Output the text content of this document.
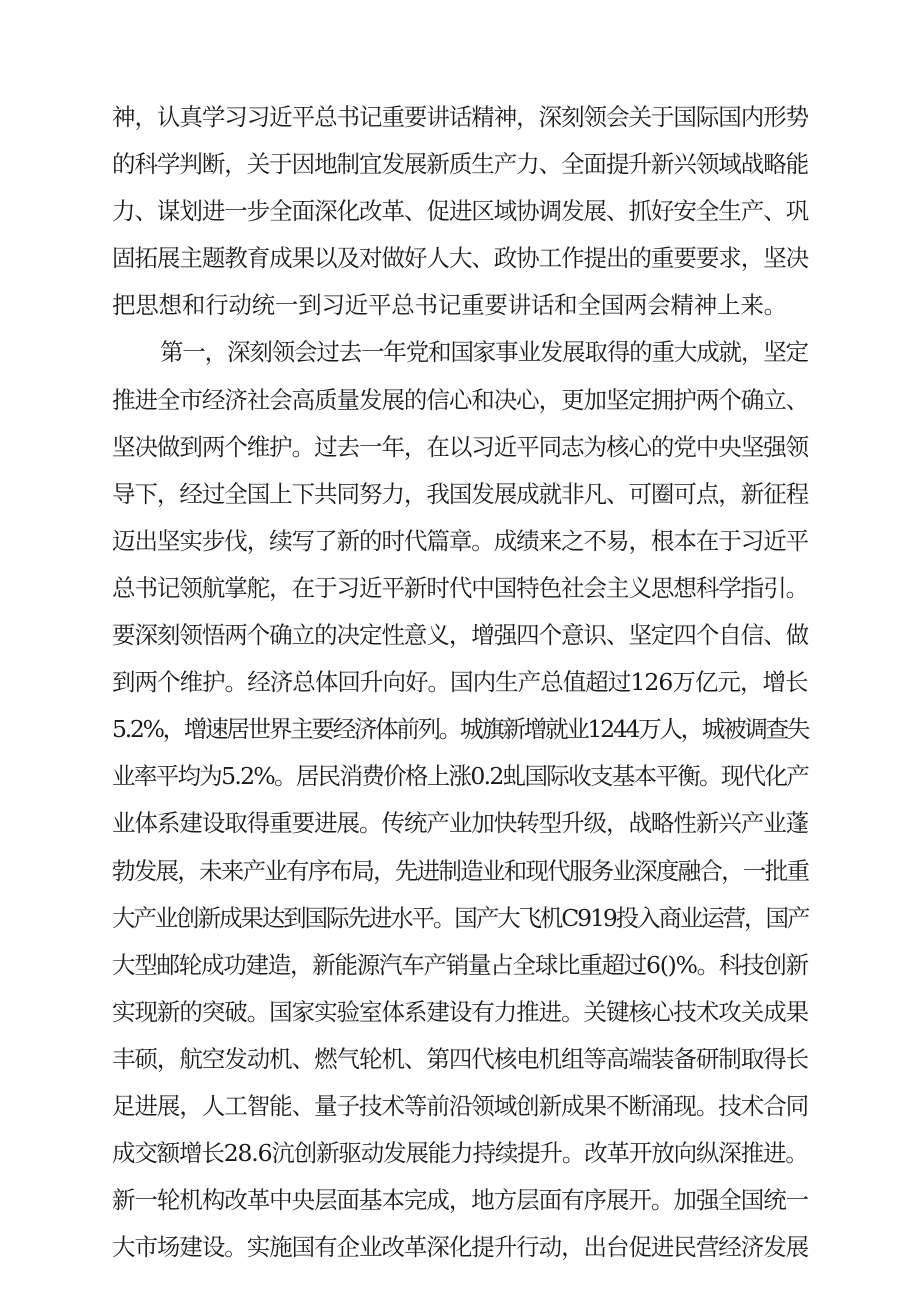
神，认真学习习近平总书记重要讲话精神，深刻领会关于国际国内形势
的科学判断，关于因地制宜发展新质生产力、全面提升新兴领域战略能
力、谋划进一步全面深化改革、促进区域协调发展、抓好安全生产、巩
固拓展主题教育成果以及对做好人大、政协工作提出的重要要求，坚决
把思想和行动统一到习近平总书记重要讲话和全国两会精神上来。
第一，深刻领会过去一年党和国家事业发展取得的重大成就，坚定
推进全市经济社会高质量发展的信心和决心，更加坚定拥护两个确立、
坚决做到两个维护。过去一年，在以习近平同志为核心的党中央坚强领
导下，经过全国上下共同努力，我国发展成就非凡、可圈可点，新征程
迈出坚实步伐，续写了新的时代篇章。成绩来之不易，根本在于习近平
总书记领航掌舵，在于习近平新时代中国特色社会主义思想科学指引。
要深刻领悟两个确立的决定性意义，增强四个意识、坚定四个自信、做
到两个维护。经济总体回升向好。国内生产总值超过126万亿元，增长
5.2%，增速居世界主要经济体前列。城旗新增就业1244万人，城被调查失
业率平均为5.2%。居民消费价格上涨0.2虬国际收支基本平衡。现代化产
业体系建设取得重要进展。传统产业加快转型升级，战略性新兴产业蓬
勃发展，未来产业有序布局，先进制造业和现代服务业深度融合，一批重
大产业创新成果达到国际先进水平。国产大飞机C919投入商业运营，国产
大型邮轮成功建造，新能源汽车产销量占全球比重超过6()%。科技创新
实现新的突破。国家实验室体系建设有力推进。关键核心技术攻关成果
丰硕，航空发动机、燃气轮机、第四代核电机组等高端装备研制取得长
足进展，人工智能、量子技术等前沿领域创新成果不断涌现。技术合同
成交额增长28.6沆创新驱动发展能力持续提升。改革开放向纵深推进。
新一轮机构改革中央层面基本完成，地方层面有序展开。加强全国统一
大市场建设。实施国有企业改革深化提升行动，出台促进民营经济发展
